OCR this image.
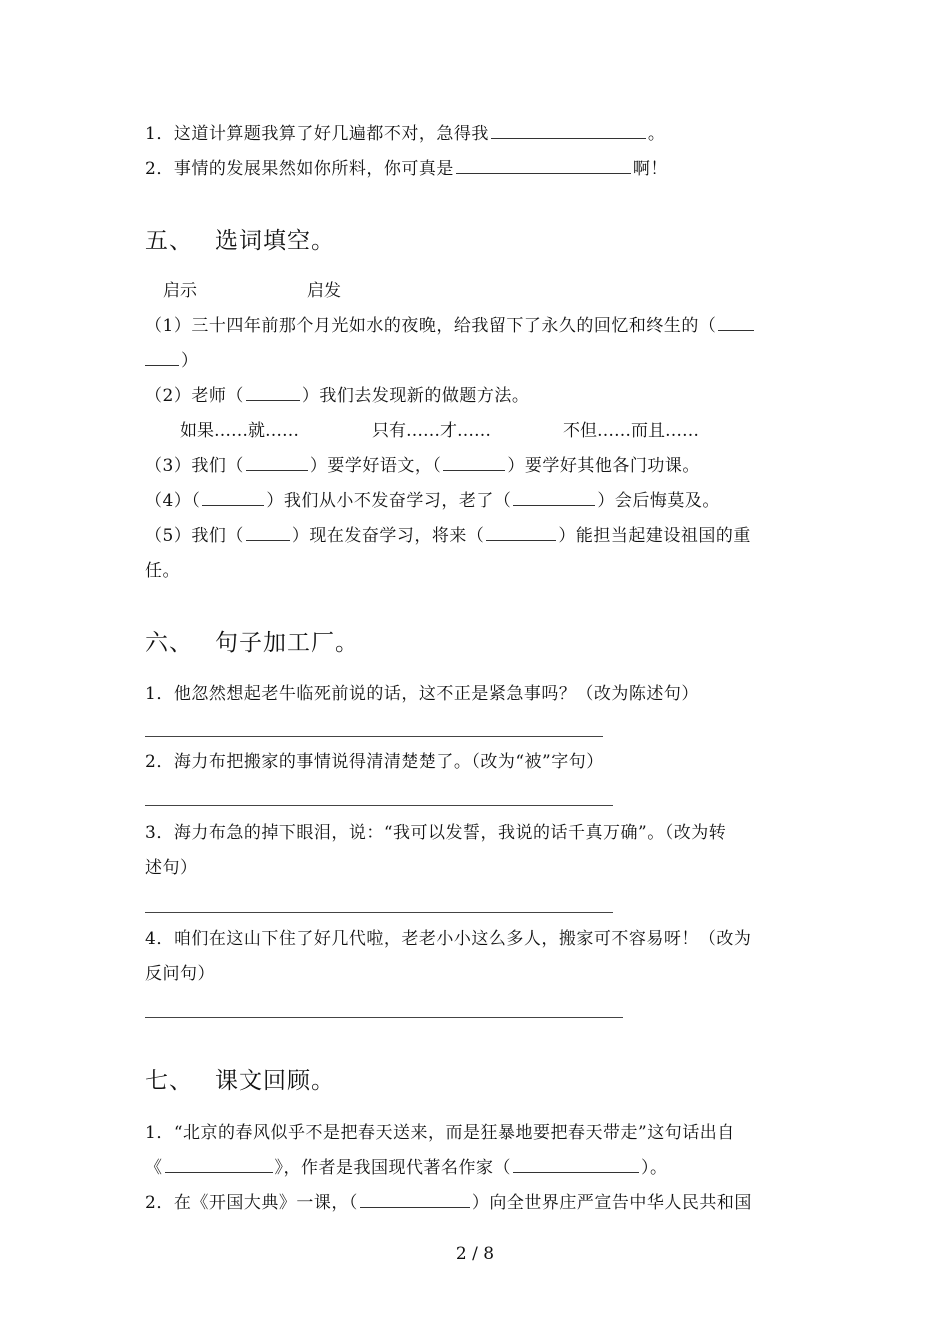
1．这道计算题我算了好几遍都不对，急得我	。
2．事情的发展果然如你所料，你可真是	啊！
五、 选词填空。
启示	启发
（1）三十四年前那个月光如水的夜晚，给我留下了永久的回忆和终生的（
）
（2）老师（	）我们去发现新的做题方法。
如果……就……	只有……才……	不但……而且……
（3）我们（	）要学好语文，（	）要学好其他各门功课。
（4）（	）我们从小不发奋学习，老了（	）会后悔莫及。
（5）我们（	）现在发奋学习，将来（	）能担当起建设祖国的重
任。
六、 句子加工厂。
1．他忽然想起老牛临死前说的话，这不正是紧急事吗？（改为陈述句）
2．海力布把搬家的事情说得清清楚楚了。（改为“被”字句）
3．海力布急的掉下眼泪，说：“我可以发誓，我说的话千真万确”。（改为转
述句）
4．咱们在这山下住了好几代啦，老老小小这么多人，搬家可不容易呀！（改为
反问句）
七、 课文回顾。
1．“北京的春风似乎不是把春天送来，而是狂暴地要把春天带走”这句话出自
《	》，作者是我国现代著名作家（	）。
2．在《开国大典》一课，（	）向全世界庄严宣告中华人民共和国
2 / 8
